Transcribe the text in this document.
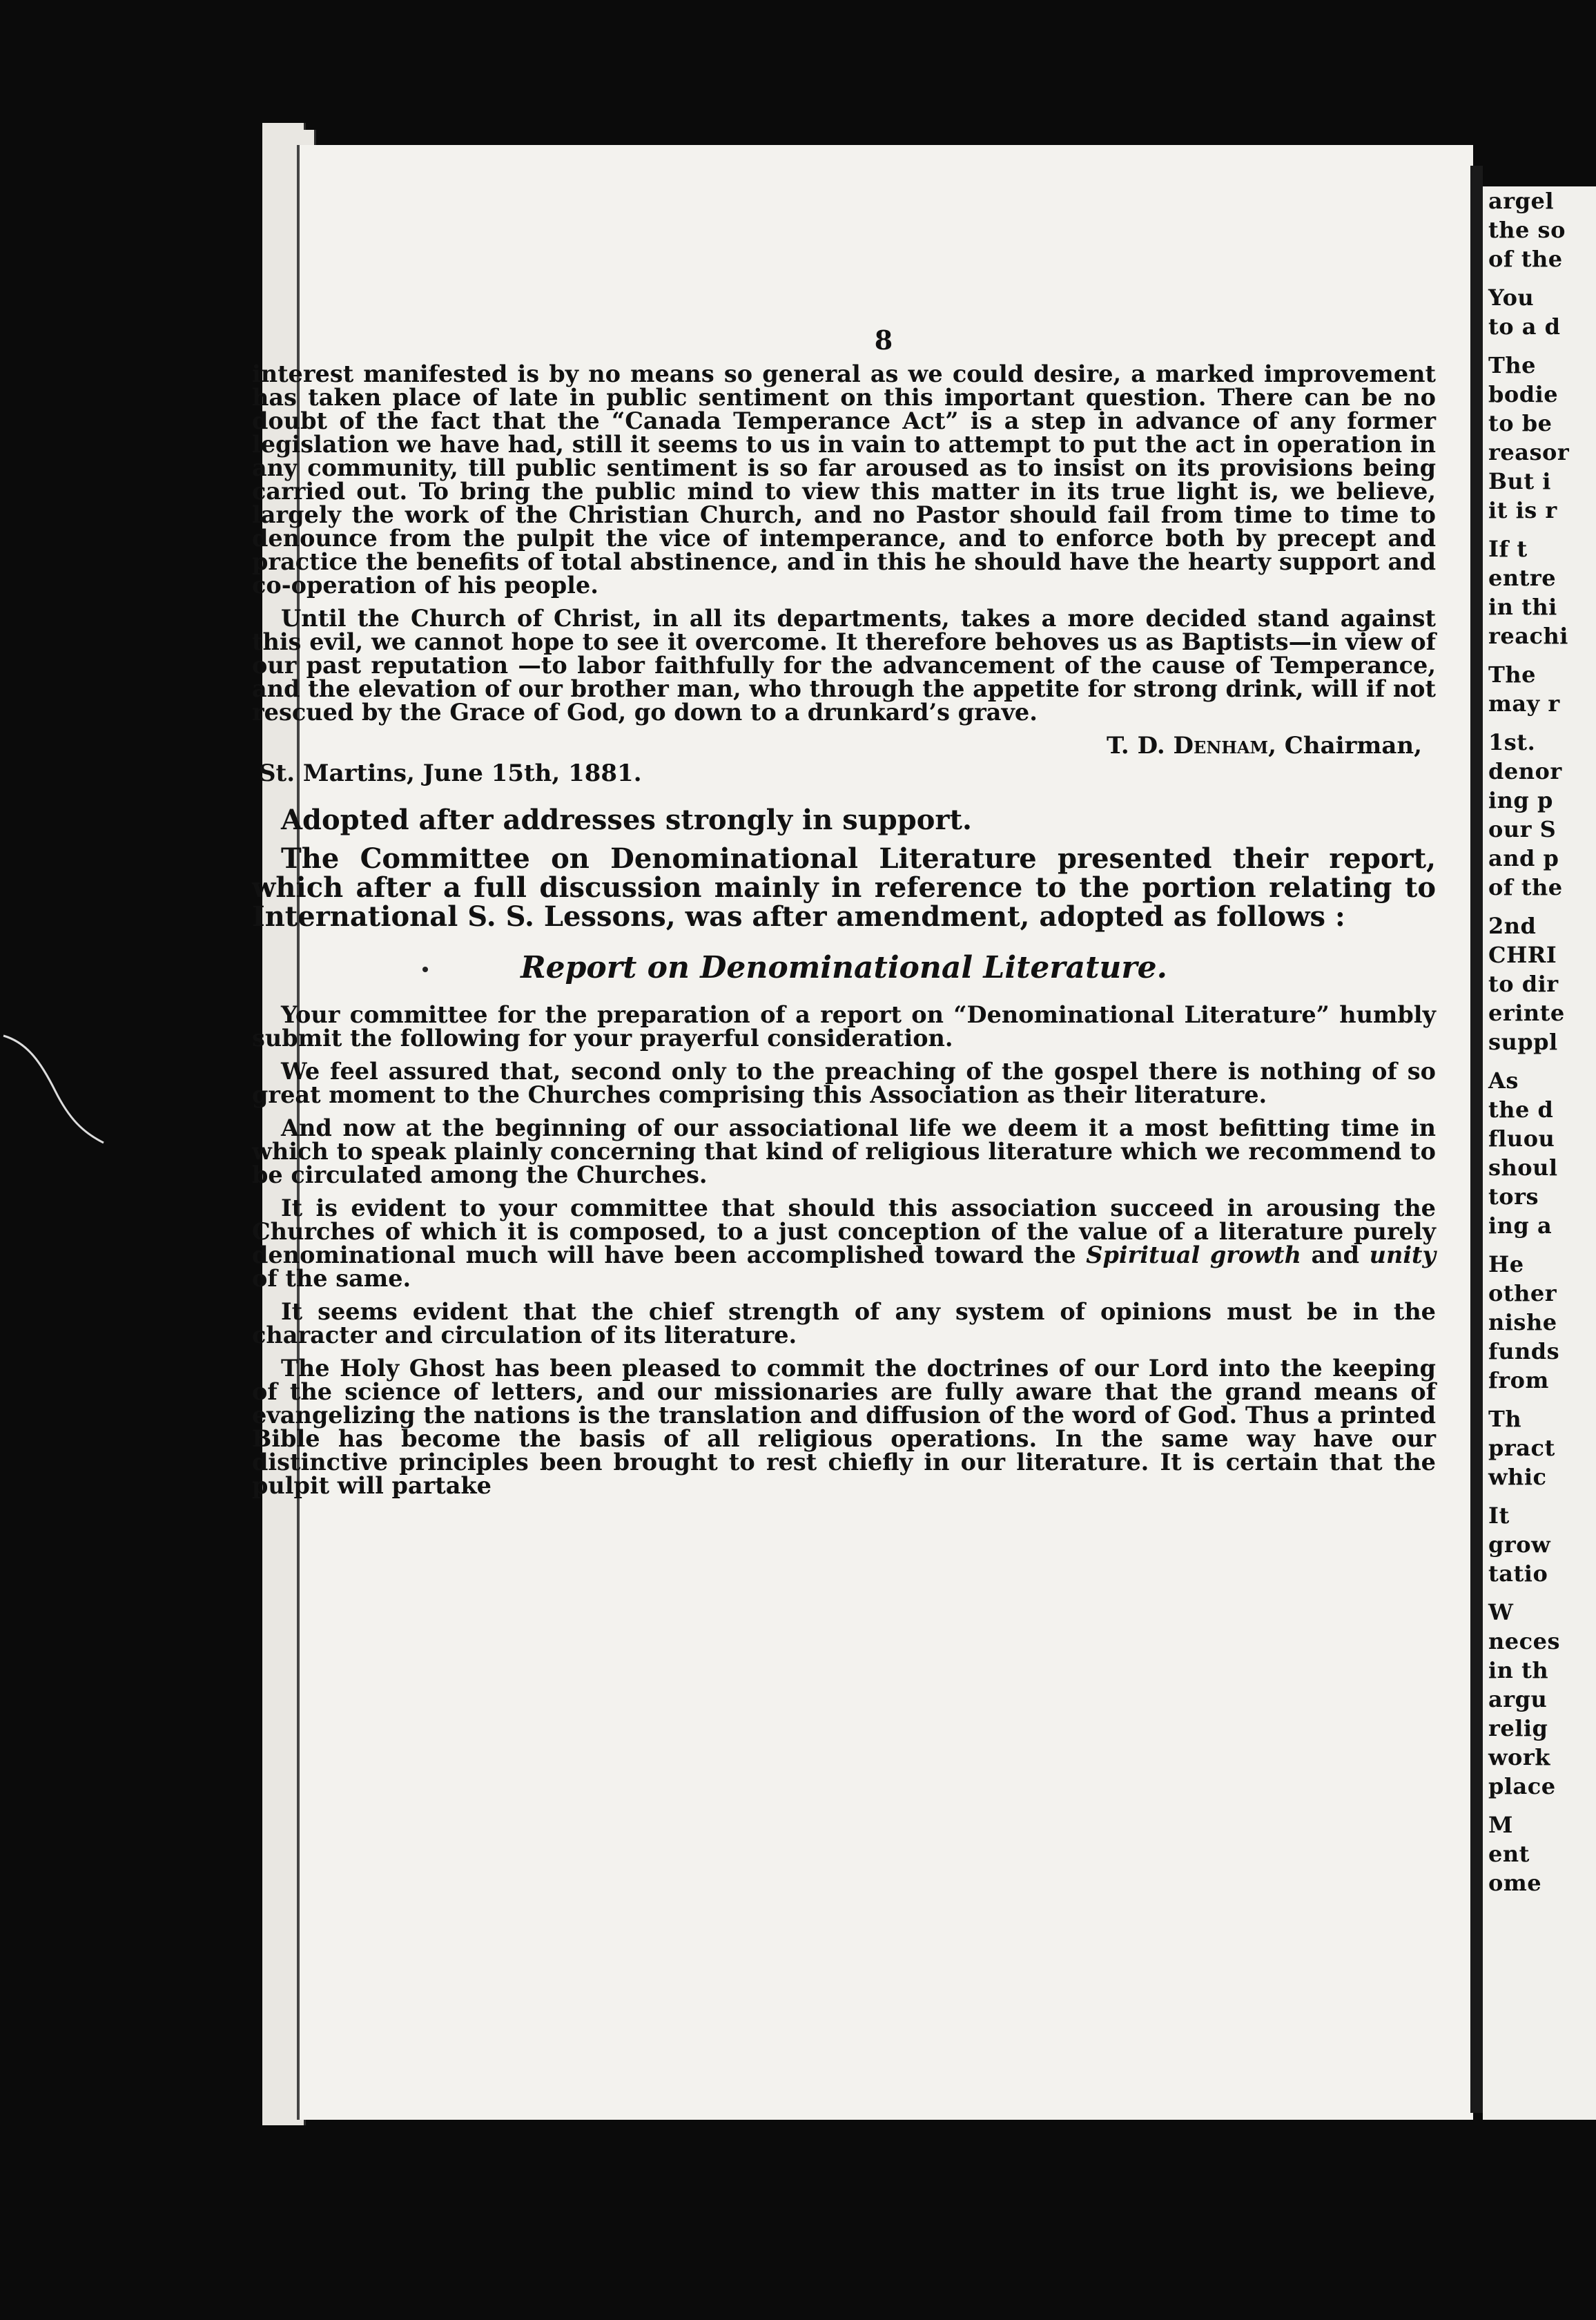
8

interest manifested is by no means so general as we could desire, a marked improvement has taken place of late in public sentiment on this important question. There can be no doubt of the fact that the “Canada Temperance Act” is a step in advance of any former legislation we have had, still it seems to us in vain to attempt to put the act in operation in any community, till public sentiment is so far aroused as to insist on its provisions being carried out. To bring the public mind to view this matter in its true light is, we believe, largely the work of the Christian Church, and no Pastor should fail from time to time to denounce from the pulpit the vice of intemperance, and to enforce both by precept and practice the benefits of total abstinence, and in this he should have the hearty support and co-operation of his people.

Until the Church of Christ, in all its departments, takes a more decided stand against this evil, we cannot hope to see it overcome. It therefore behoves us as Baptists—in view of our past reputation —to labor faithfully for the advancement of the cause of Temperance, and the elevation of our brother man, who through the appetite for strong drink, will if not rescued by the Grace of God, go down to a drunkard’s grave.

T. D. Denham, Chairman,
St. Martins, June 15th, 1881.

Adopted after addresses strongly in support.

The Committee on Denominational Literature presented their report, which after a full discussion mainly in reference to the portion relating to International S. S. Lessons, was after amendment, adopted as follows :

Report on Denominational Literature.

Your committee for the preparation of a report on “Denominational Literature” humbly submit the following for your prayerful consideration.

We feel assured that, second only to the preaching of the gospel there is nothing of so great moment to the Churches comprising this Association as their literature.

And now at the beginning of our associational life we deem it a most befitting time in which to speak plainly concerning that kind of religious literature which we recommend to be circulated among the Churches.

It is evident to your committee that should this association succeed in arousing the Churches of which it is composed, to a just conception of the value of a literature purely denominational much will have been accomplished toward the Spiritual growth and unity of the same.

It seems evident that the chief strength of any system of opinions must be in the character and circulation of its literature.

The Holy Ghost has been pleased to commit the doctrines of our Lord into the keeping of the science of letters, and our missionaries are fully aware that the grand means of evangelizing the nations is the translation and diffusion of the word of God. Thus a printed Bible has become the basis of all religious operations. In the same way have our distinctive principles been brought to rest chiefly in our literature. It is certain that the pulpit will partake

argel
the so
of the
You
to a d
The
bodie
to be
reasor
But i
it is r
If t
entre
in thi
reachi
The
may r
1st.
denor
ing p
our S
and p
of the
2nd
CHRI
to dir
erinte
suppl
As
the d
fluou
shoul
tors
ing a
He
other
nishe
funds
from
Th
pract
whic
It
grow
tatio
W
neces
in th
argu
relig
work
place
M
ent
ome
